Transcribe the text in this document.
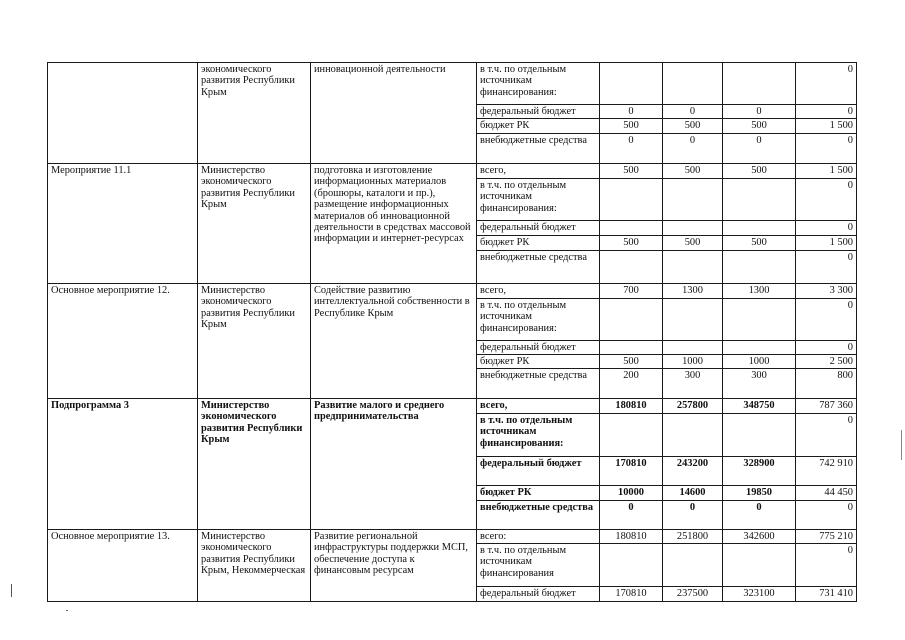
	экономического развития Республики Крым	инновационной деятельности	в т.ч. по отдельным источникам финансирования:				0
			федеральный бюджет	0	0	0	0
			бюджет РК	500	500	500	1 500
			внебюджетные средства	0	0	0	0
Мероприятие 11.1	Министерство экономического развития Республики Крым	подготовка и изготовление информационных материалов (брошюры, каталоги и пр.), размещение информационных материалов об инновационной деятельности в средствах массовой информации и интернет-ресурсах	всего,	500	500	500	1 500
			в т.ч. по отдельным источникам финансирования:				0
			федеральный бюджет				0
			бюджет РК	500	500	500	1 500
			внебюджетные средства				0
Основное мероприятие 12.	Министерство экономического развития Республики Крым	Содействие развитию интеллектуальной собственности в Республике Крым	всего,	700	1300	1300	3 300
			в т.ч. по отдельным источникам финансирования:				0
			федеральный бюджет				0
			бюджет РК	500	1000	1000	2 500
			внебюджетные средства	200	300	300	800
Подпрограмма 3	Министерство экономического развития Республики Крым	Развитие малого и среднего предпринимательства	всего,	180810	257800	348750	787 360
			в т.ч. по отдельным источникам финансирования:				0
			федеральный бюджет	170810	243200	328900	742 910
			бюджет РК	10000	14600	19850	44 450
			внебюджетные средства	0	0	0	0
Основное мероприятие 13.	Министерство экономического развития Республики Крым, Некоммерческая	Развитие региональной инфраструктуры поддержки МСП, обеспечение доступа к финансовым ресурсам	всего:	180810	251800	342600	775 210
			в т.ч. по отдельным источникам финансирования				0
			федеральный бюджет	170810	237500	323100	731 410
